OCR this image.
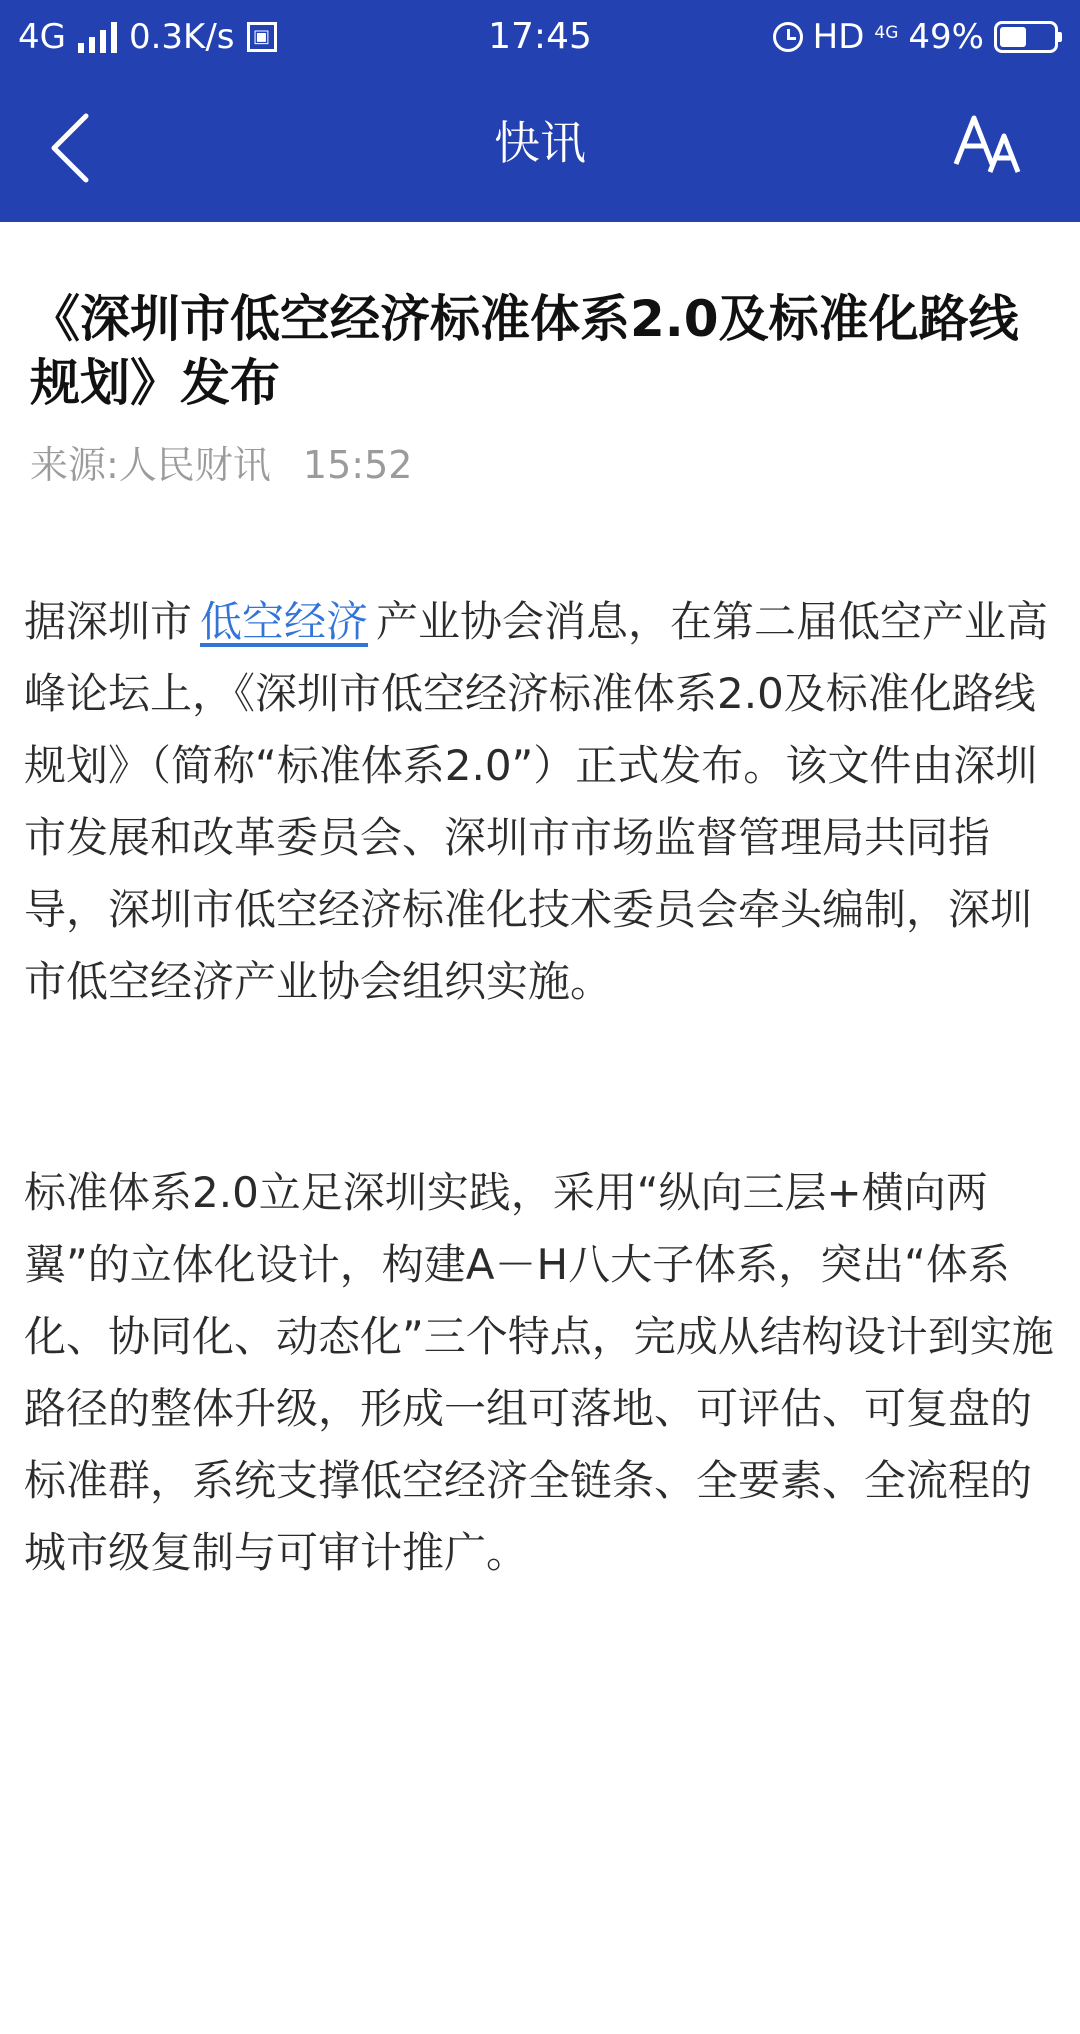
4G 0.3K/s	▣	17:45	HD 4G 49%
快讯
《深圳市低空经济标准体系2.0及标准化路线规划》发布
来源:人民财讯 15:52

据深圳市 低空经济 产业协会消息，在第二届低空产业高峰论坛上，《深圳市低空经济标准体系2.0及标准化路线规划》（简称“标准体系2.0”）正式发布。该文件由深圳市发展和改革委员会、深圳市市场监督管理局共同指导，深圳市低空经济标准化技术委员会牵头编制，深圳市低空经济产业协会组织实施。

标准体系2.0立足深圳实践，采用“纵向三层+横向两翼”的立体化设计，构建A－H八大子体系，突出“体系化、协同化、动态化”三个特点，完成从结构设计到实施路径的整体升级，形成一组可落地、可评估、可复盘的标准群，系统支撑低空经济全链条、全要素、全流程的城市级复制与可审计推广。
